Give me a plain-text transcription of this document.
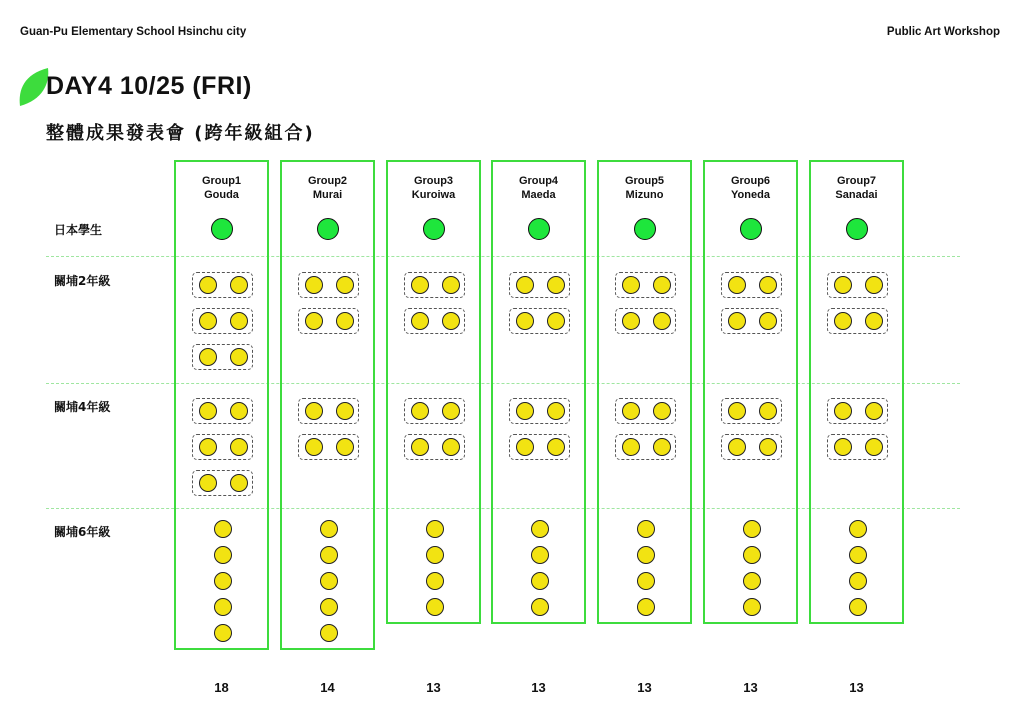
Guan-Pu Elementary School Hsinchu city	Public Art Workshop
DAY4 10/25 (FRI)
整體成果發表會 (跨年級組合)
日本學生
關埔2年級
關埔4年級
關埔6年級
Group1
Gouda
18
Group2
Murai
14
Group3
Kuroiwa
13
Group4
Maeda
13
Group5
Mizuno
13
Group6
Yoneda
13
Group7
Sanadai
13
